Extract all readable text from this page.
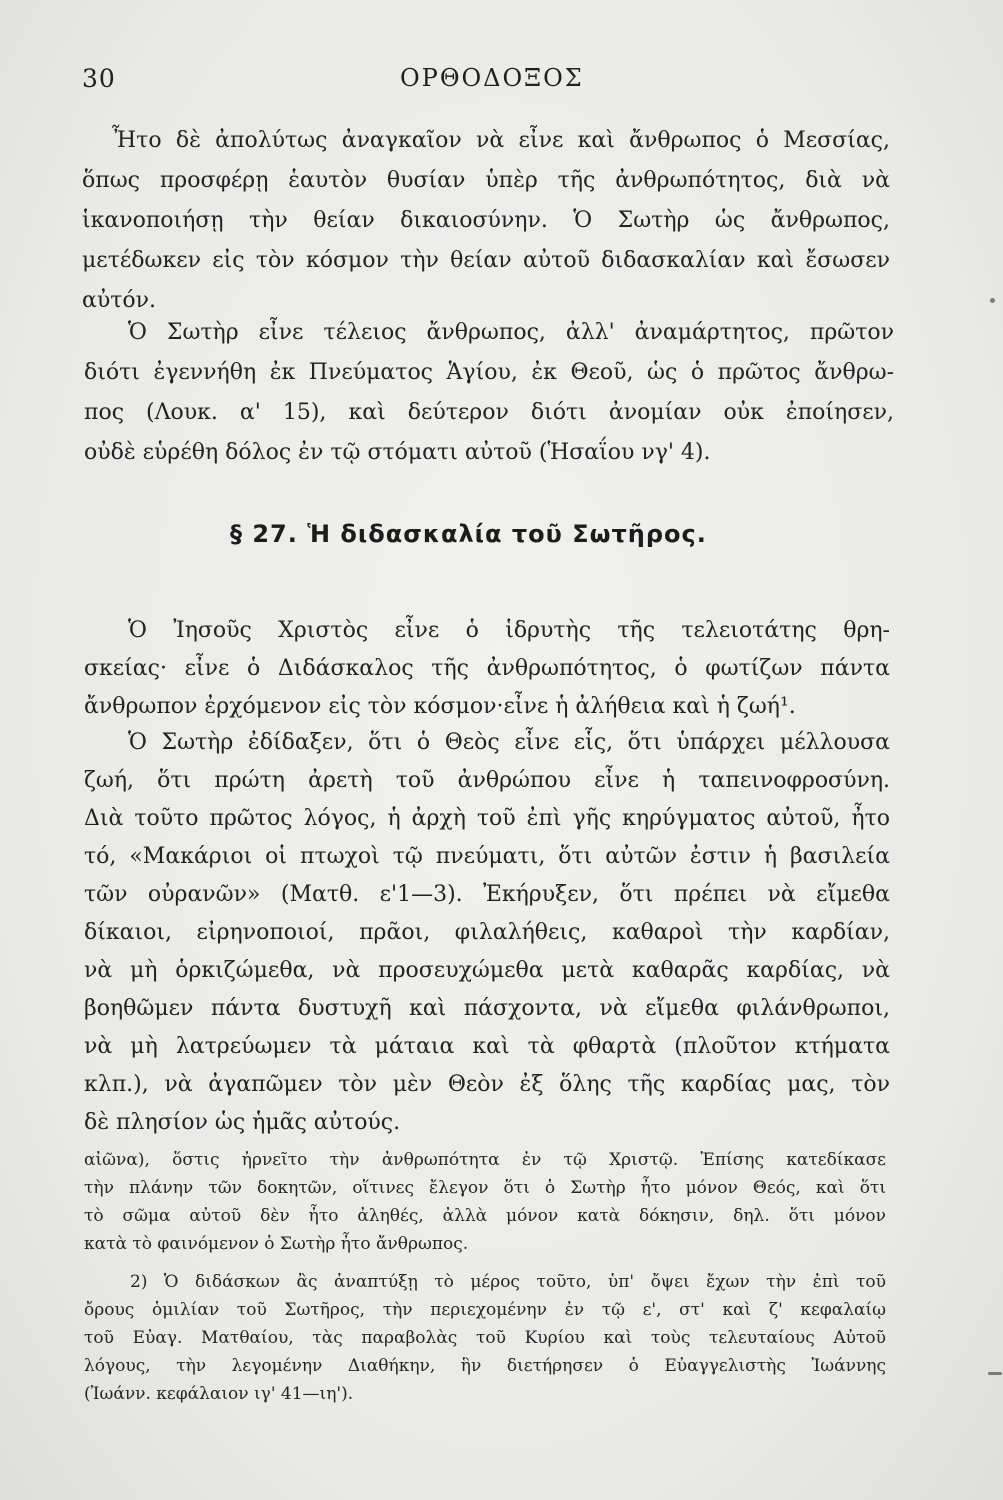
30	ΟΡΘΟΔΟΞΟΣ
Ἦτο δὲ ἀπολύτως ἀναγκαῖον νὰ εἶνε καὶ ἄνθρωπος ὁ Μεσσίας,
ὅπως προσφέρῃ ἑαυτὸν θυσίαν ὑπὲρ τῆς ἀνθρωπότητος, διὰ νὰ
ἱκανοποιήσῃ τὴν θείαν δικαιοσύνην. Ὁ Σωτὴρ ὡς ἄνθρωπος,
μετέδωκεν εἰς τὸν κόσμον τὴν θείαν αὐτοῦ διδασκαλίαν καὶ ἔσωσεν
αὐτόν.
Ὁ Σωτὴρ εἶνε τέλειος ἄνθρωπος, ἀλλ' ἀναμάρτητος, πρῶτον
διότι ἐγεννήθη ἐκ Πνεύματος Ἁγίου, ἐκ Θεοῦ, ὡς ὁ πρῶτος ἄνθρω-
πος (Λουκ. α' 15), καὶ δεύτερον διότι ἀνομίαν οὐκ ἐποίησεν,
οὐδὲ εὑρέθη δόλος ἐν τῷ στόματι αὐτοῦ (Ἡσαΐου νγ' 4).
§ 27. Ἡ διδασκαλία τοῦ Σωτῆρος.
Ὁ Ἰησοῦς Χριστὸς εἶνε ὁ ἱδρυτὴς τῆς τελειοτάτης θρη-
σκείας· εἶνε ὁ Διδάσκαλος τῆς ἀνθρωπότητος, ὁ φωτίζων πάντα
ἄνθρωπον ἐρχόμενον εἰς τὸν κόσμον·εἶνε ἡ ἀλήθεια καὶ ἡ ζωή¹.
Ὁ Σωτὴρ ἐδίδαξεν, ὅτι ὁ Θεὸς εἶνε εἷς, ὅτι ὑπάρχει μέλλουσα
ζωή, ὅτι πρώτη ἀρετὴ τοῦ ἀνθρώπου εἶνε ἡ ταπεινοφροσύνη.
Διὰ τοῦτο πρῶτος λόγος, ἡ ἀρχὴ τοῦ ἐπὶ γῆς κηρύγματος αὐτοῦ, ἦτο
τό, «Μακάριοι οἱ πτωχοὶ τῷ πνεύματι, ὅτι αὐτῶν ἐστιν ἡ βασιλεία
τῶν οὐρανῶν» (Ματθ. ε'1—3). Ἐκήρυξεν, ὅτι πρέπει νὰ εἴμεθα
δίκαιοι, εἰρηνοποιοί, πρᾶοι, φιλαλήθεις, καθαροὶ τὴν καρδίαν,
νὰ μὴ ὁρκιζώμεθα, νὰ προσευχώμεθα μετὰ καθαρᾶς καρδίας, νὰ
βοηθῶμεν πάντα δυστυχῆ καὶ πάσχοντα, νὰ εἴμεθα φιλάνθρωποι,
νὰ μὴ λατρεύωμεν τὰ μάταια καὶ τὰ φθαρτὰ (πλοῦτον κτήματα
κλπ.), νὰ ἀγαπῶμεν τὸν μὲν Θεὸν ἐξ ὅλης τῆς καρδίας μας, τὸν
δὲ πλησίον ὡς ἡμᾶς αὐτούς.
αἰῶνα), ὅστις ἠρνεῖτο τὴν ἀνθρωπότητα ἐν τῷ Χριστῷ. Ἐπίσης κατεδίκασε
τὴν πλάνην τῶν δοκητῶν, οἵτινες ἔλεγον ὅτι ὁ Σωτὴρ ἦτο μόνον Θεός, καὶ ὅτι
τὸ σῶμα αὐτοῦ δὲν ἦτο ἀληθές, ἀλλὰ μόνον κατὰ δόκησιν, δηλ. ὅτι μόνον
κατὰ τὸ φαινόμενον ὁ Σωτὴρ ἦτο ἄνθρωπος.
2) Ὁ διδάσκων ἂς ἀναπτύξῃ τὸ μέρος τοῦτο, ὑπ' ὄψει ἔχων τὴν ἐπὶ τοῦ
ὄρους ὁμιλίαν τοῦ Σωτῆρος, τὴν περιεχομένην ἐν τῷ ε', στ' καὶ ζ' κεφαλαίῳ
τοῦ Εὐαγ. Ματθαίου, τὰς παραβολὰς τοῦ Κυρίου καὶ τοὺς τελευταίους Αὐτοῦ
λόγους, τὴν λεγομένην Διαθήκην, ἣν διετήρησεν ὁ Εὐαγγελιστὴς Ἰωάννης
(Ἰωάνν. κεφάλαιον ιγ' 41—ιη').
